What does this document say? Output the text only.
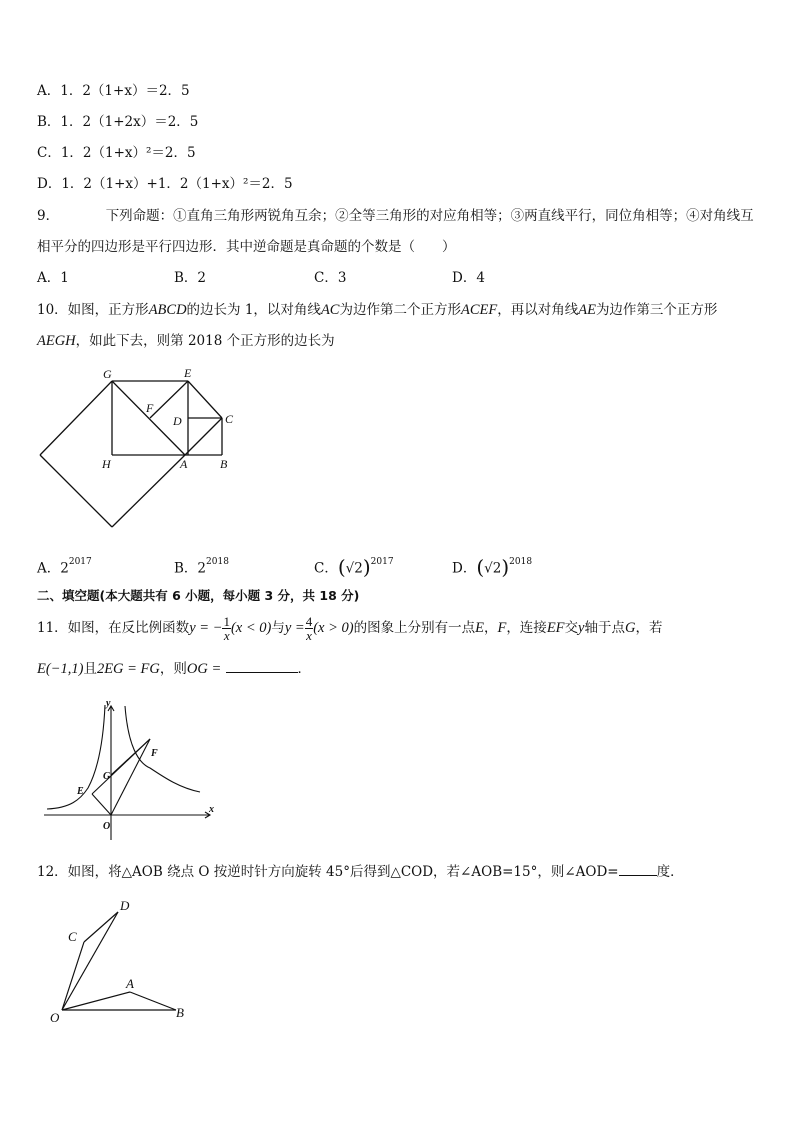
A．1．2（1+x）＝2．5
B．1．2（1+2x）＝2．5
C．1．2（1+x）²＝2．5
D．1．2（1+x）+1．2（1+x）²＝2．5
9．	下列命题：①直角三角形两锐角互余；②全等三角形的对应角相等；③两直线平行，同位角相等；④对角线互
相平分的四边形是平行四边形．其中逆命题是真命题的个数是（　　）
A．1	B．2	C．3	D．4
10．如图，正方形ABCD的边长为 1，以对角线AC为边作第二个正方形ACEF，再以对角线AE为边作第三个正方形
AEGH，如此下去，则第 2018 个正方形的边长为
G	E
F
D	C
H	A	B
A．$2^{2017}$	B．$2^{2018}$	C．$(√2)^{2017}$	D．$(√2)^{2018}$
二、填空题(本大题共有 6 小题，每小题 3 分，共 18 分)
11．如图，在反比例函数y = − $\frac{1}{x} (x < 0)$与$y = \frac{4}{x} (x > 0)$的图象上分别有一点E，F，连接EF交y轴于点G，若
E(−1,1)且2EG = FG，则OG =	．
y
x
F
G
E
O
12．如图，将△AOB 绕点 O 按逆时针方向旋转 45°后得到△COD，若∠AOB=15°，则∠AOD=	度．
D
C
A
O	B
